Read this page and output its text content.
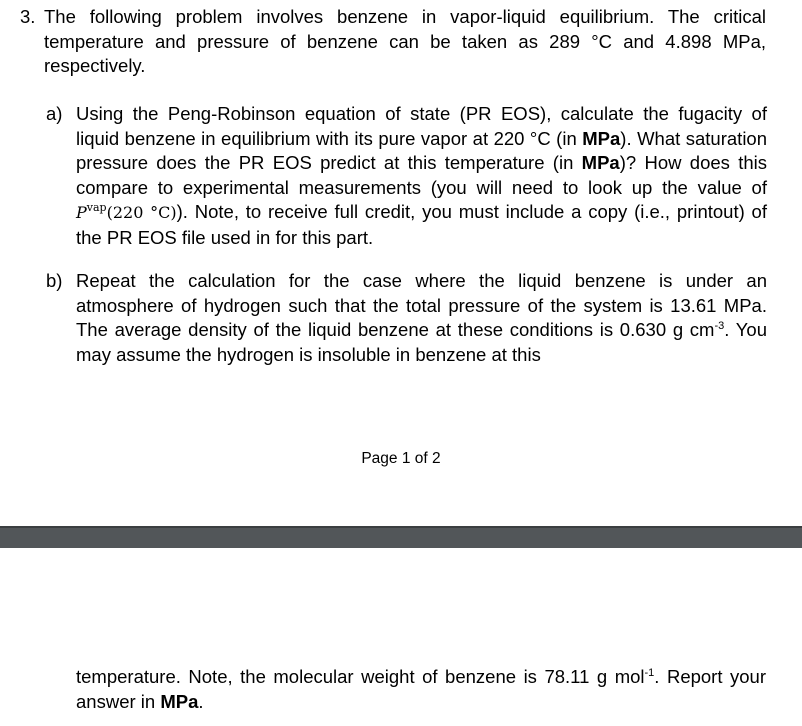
3. The following problem involves benzene in vapor-liquid equilibrium. The critical temperature and pressure of benzene can be taken as 289 °C and 4.898 MPa, respectively.
a) Using the Peng-Robinson equation of state (PR EOS), calculate the fugacity of liquid benzene in equilibrium with its pure vapor at 220 °C (in MPa). What saturation pressure does the PR EOS predict at this temperature (in MPa)? How does this compare to experimental measurements (you will need to look up the value of $P^{vap}(220$ °C)). Note, to receive full credit, you must include a copy (i.e., printout) of the PR EOS file used in for this part.
b) Repeat the calculation for the case where the liquid benzene is under an atmosphere of hydrogen such that the total pressure of the system is 13.61 MPa. The average density of the liquid benzene at these conditions is 0.630 g $cm^{-3}$. You may assume the hydrogen is insoluble in benzene at this
Page 1 of 2
temperature. Note, the molecular weight of benzene is 78.11 g mol$^{-1}$. Report your answer in MPa.
